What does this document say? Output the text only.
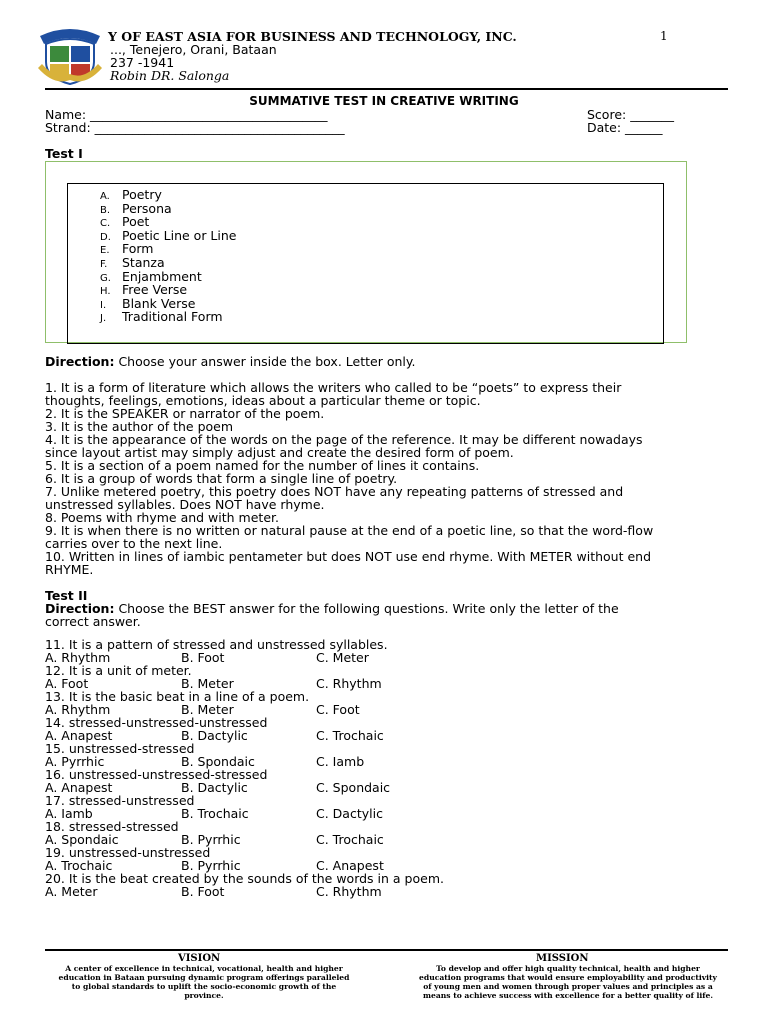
Y OF EAST ASIA FOR BUSINESS AND TECHNOLOGY, INC.	1
..., Tenejero, Orani, Bataan
237 -1941
Robin DR. Salonga
SUMMATIVE TEST IN CREATIVE WRITING
Name: ______________________________________	Score: _______
Strand: ________________________________________	Date: ______
Test I
A. Poetry
B. Persona
C. Poet
D. Poetic Line or Line
E. Form
F. Stanza
G. Enjambment
H. Free Verse
I. Blank Verse
J. Traditional Form
Direction: Choose your answer inside the box. Letter only.
1. It is a form of literature which allows the writers who called to be “poets” to express their
thoughts, feelings, emotions, ideas about a particular theme or topic.
2. It is the SPEAKER or narrator of the poem.
3. It is the author of the poem
4. It is the appearance of the words on the page of the reference. It may be different nowadays
since layout artist may simply adjust and create the desired form of poem.
5. It is a section of a poem named for the number of lines it contains.
6. It is a group of words that form a single line of poetry.
7. Unlike metered poetry, this poetry does NOT have any repeating patterns of stressed and
unstressed syllables. Does NOT have rhyme.
8. Poems with rhyme and with meter.
9. It is when there is no written or natural pause at the end of a poetic line, so that the word-flow
carries over to the next line.
10. Written in lines of iambic pentameter but does NOT use end rhyme. With METER without end
RHYME.
Test II
Direction: Choose the BEST answer for the following questions. Write only the letter of the
correct answer.
11. It is a pattern of stressed and unstressed syllables.
A. Rhythm	B. Foot	C. Meter
12. It is a unit of meter.
A. Foot	B. Meter	C. Rhythm
13. It is the basic beat in a line of a poem.
A. Rhythm	B. Meter	C. Foot
14. stressed-unstressed-unstressed
A. Anapest	B. Dactylic	C. Trochaic
15. unstressed-stressed
A. Pyrrhic	B. Spondaic	C. Iamb
16. unstressed-unstressed-stressed
A. Anapest	B. Dactylic	C. Spondaic
17. stressed-unstressed
A. Iamb	B. Trochaic	C. Dactylic
18. stressed-stressed
A. Spondaic	B. Pyrrhic	C. Trochaic
19. unstressed-unstressed
A. Trochaic	B. Pyrrhic	C. Anapest
20. It is the beat created by the sounds of the words in a poem.
A. Meter	B. Foot	C. Rhythm
VISION
A center of excellence in technical, vocational, health and higher education in Bataan pursuing dynamic program offerings paralleled to global standards to uplift the socio-economic growth of the province.
MISSION
To develop and offer high quality technical, health and higher education programs that would ensure employability and productivity of young men and women through proper values and principles as a means to achieve success with excellence for a better quality of life.
